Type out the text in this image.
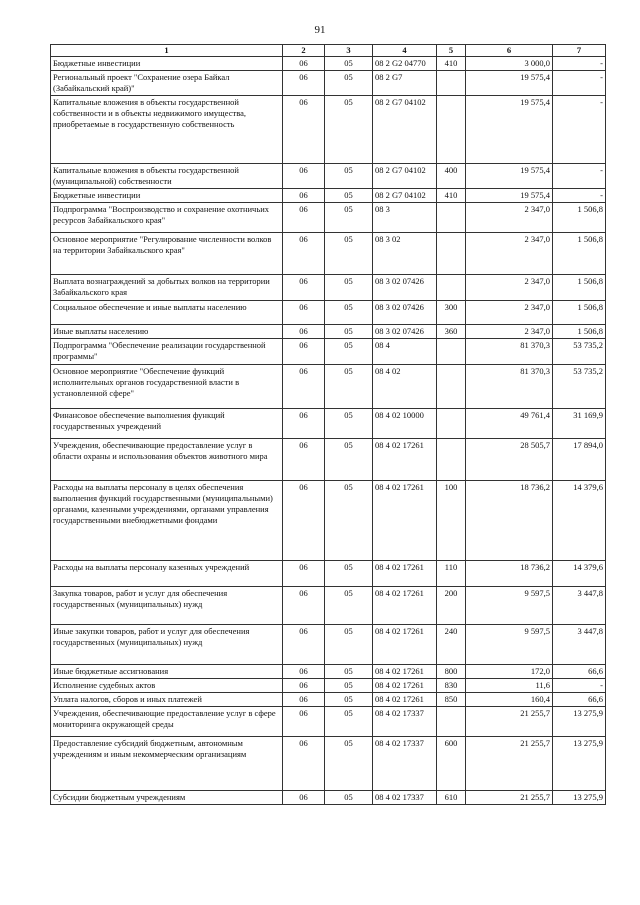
91
1	2	3	4	5	6	7
Бюджетные инвестиции	06	05	08 2 G2 04770	410	3 000,0	-
Региональный проект "Сохранение озера Байкал (Забайкальский край)"	06	05	08 2 G7		19 575,4	-
Капитальные вложения в объекты государственной собственности и в объекты недвижимого имущества, приобретаемые в государственную собственность	06	05	08 2 G7 04102		19 575,4	-
Капитальные вложения в объекты государственной (муниципальной) собственности	06	05	08 2 G7 04102	400	19 575,4	-
Бюджетные инвестиции	06	05	08 2 G7 04102	410	19 575,4	-
Подпрограмма "Воспроизводство и сохранение охотничьих ресурсов Забайкальского края"	06	05	08 3		2 347,0	1 506,8
Основное мероприятие "Регулирование численности волков на территории Забайкальского края"	06	05	08 3 02		2 347,0	1 506,8
Выплата вознаграждений за добытых волков на территории Забайкальского края	06	05	08 3 02 07426		2 347,0	1 506,8
Социальное обеспечение и иные выплаты населению	06	05	08 3 02 07426	300	2 347,0	1 506,8
Иные выплаты населению	06	05	08 3 02 07426	360	2 347,0	1 506,8
Подпрограмма "Обеспечение реализации государственной программы"	06	05	08 4		81 370,3	53 735,2
Основное мероприятие "Обеспечение функций исполнительных органов государственной власти в установленной сфере"	06	05	08 4 02		81 370,3	53 735,2
Финансовое обеспечение выполнения функций государственных учреждений	06	05	08 4 02 10000		49 761,4	31 169,9
Учреждения, обеспечивающие предоставление услуг в области охраны и использования объектов животного мира	06	05	08 4 02 17261		28 505,7	17 894,0
Расходы на выплаты персоналу в целях обеспечения выполнения функций государственными (муниципальными) органами, казенными учреждениями, органами управления государственными внебюджетными фондами	06	05	08 4 02 17261	100	18 736,2	14 379,6
Расходы на выплаты персоналу казенных учреждений	06	05	08 4 02 17261	110	18 736,2	14 379,6
Закупка товаров, работ и услуг для обеспечения государственных (муниципальных) нужд	06	05	08 4 02 17261	200	9 597,5	3 447,8
Иные закупки товаров, работ и услуг для обеспечения государственных (муниципальных) нужд	06	05	08 4 02 17261	240	9 597,5	3 447,8
Иные бюджетные ассигнования	06	05	08 4 02 17261	800	172,0	66,6
Исполнение судебных актов	06	05	08 4 02 17261	830	11,6	-
Уплата налогов, сборов и иных платежей	06	05	08 4 02 17261	850	160,4	66,6
Учреждения, обеспечивающие предоставление услуг в сфере мониторинга окружающей среды	06	05	08 4 02 17337		21 255,7	13 275,9
Предоставление субсидий бюджетным, автономным учреждениям и иным некоммерческим организациям	06	05	08 4 02 17337	600	21 255,7	13 275,9
Субсидии бюджетным учреждениям	06	05	08 4 02 17337	610	21 255,7	13 275,9
